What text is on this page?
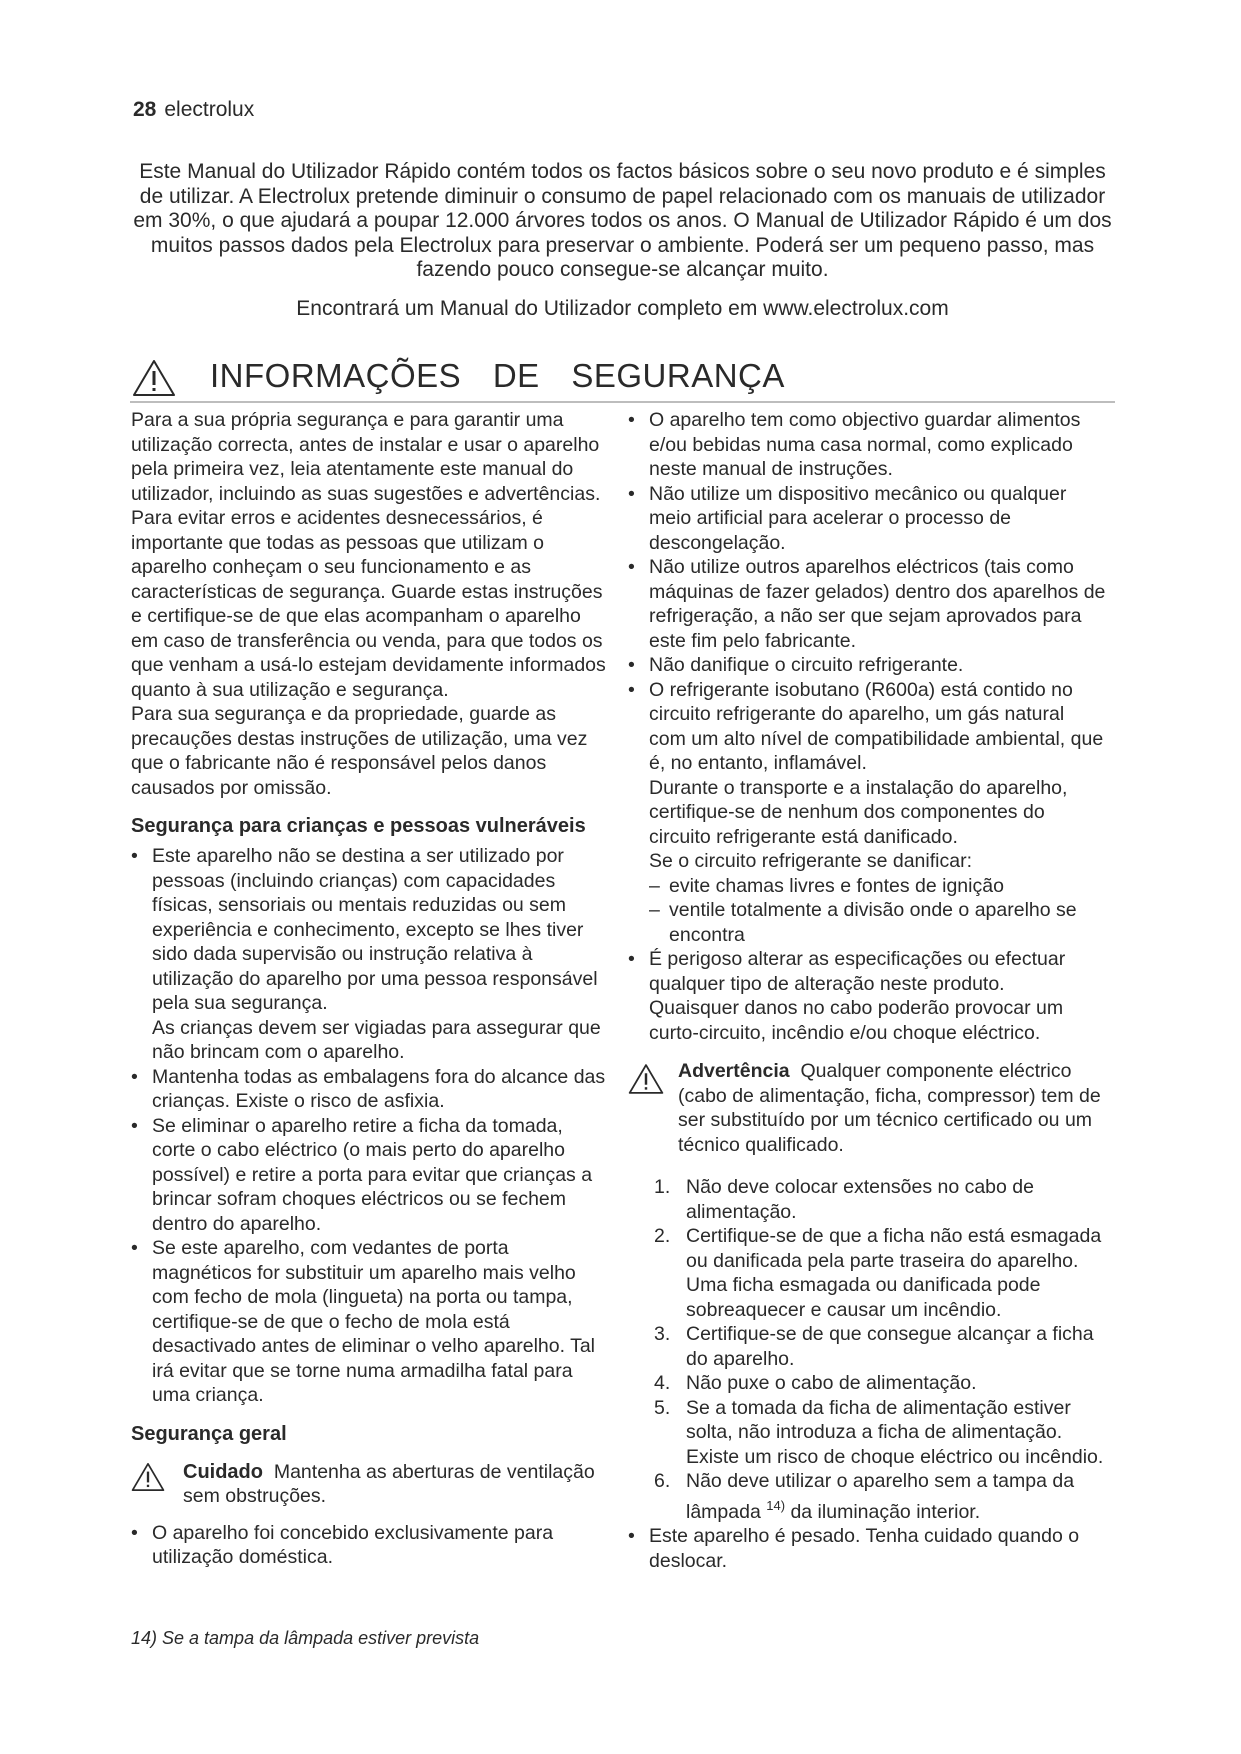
28 electrolux

Este Manual do Utilizador Rápido contém todos os factos básicos sobre o seu novo produto e é simples de utilizar. A Electrolux pretende diminuir o consumo de papel relacionado com os manuais de utilizador em 30%, o que ajudará a poupar 12.000 árvores todos os anos. O Manual de Utilizador Rápido é um dos muitos passos dados pela Electrolux para preservar o ambiente. Poderá ser um pequeno passo, mas fazendo pouco consegue-se alcançar muito.

Encontrará um Manual do Utilizador completo em www.electrolux.com

INFORMAÇÕES DE SEGURANÇA

Para a sua própria segurança e para garantir uma utilização correcta, antes de instalar e usar o aparelho pela primeira vez, leia atentamente este manual do utilizador, incluindo as suas sugestões e advertências. Para evitar erros e acidentes desnecessários, é importante que todas as pessoas que utilizam o aparelho conheçam o seu funcionamento e as características de segurança. Guarde estas instruções e certifique-se de que elas acompanham o aparelho em caso de transferência ou venda, para que todos os que venham a usá-lo estejam devidamente informados quanto à sua utilização e segurança.

Para sua segurança e da propriedade, guarde as precauções destas instruções de utilização, uma vez que o fabricante não é responsável pelos danos causados por omissão.

Segurança para crianças e pessoas vulneráveis
• Este aparelho não se destina a ser utilizado por pessoas (incluindo crianças) com capacidades físicas, sensoriais ou mentais reduzidas ou sem experiência e conhecimento, excepto se lhes tiver sido dada supervisão ou instrução relativa à utilização do aparelho por uma pessoa responsável pela sua segurança.
As crianças devem ser vigiadas para assegurar que não brincam com o aparelho.
• Mantenha todas as embalagens fora do alcance das crianças. Existe o risco de asfixia.
• Se eliminar o aparelho retire a ficha da tomada, corte o cabo eléctrico (o mais perto do aparelho possível) e retire a porta para evitar que crianças a brincar sofram choques eléctricos ou se fechem dentro do aparelho.
• Se este aparelho, com vedantes de porta magnéticos for substituir um aparelho mais velho com fecho de mola (lingueta) na porta ou tampa, certifique-se de que o fecho de mola está desactivado antes de eliminar o velho aparelho. Tal irá evitar que se torne numa armadilha fatal para uma criança.
Segurança geral
Cuidado Mantenha as aberturas de ventilação sem obstruções.
• O aparelho foi concebido exclusivamente para utilização doméstica.
• O aparelho tem como objectivo guardar alimentos e/ou bebidas numa casa normal, como explicado neste manual de instruções.
• Não utilize um dispositivo mecânico ou qualquer meio artificial para acelerar o processo de descongelação.
• Não utilize outros aparelhos eléctricos (tais como máquinas de fazer gelados) dentro dos aparelhos de refrigeração, a não ser que sejam aprovados para este fim pelo fabricante.
• Não danifique o circuito refrigerante.
• O refrigerante isobutano (R600a) está contido no circuito refrigerante do aparelho, um gás natural com um alto nível de compatibilidade ambiental, que é, no entanto, inflamável.
Durante o transporte e a instalação do aparelho, certifique-se de nenhum dos componentes do circuito refrigerante está danificado.
Se o circuito refrigerante se danificar:
– evite chamas livres e fontes de ignição
– ventile totalmente a divisão onde o aparelho se encontra
• É perigoso alterar as especificações ou efectuar qualquer tipo de alteração neste produto.
Quaisquer danos no cabo poderão provocar um curto-circuito, incêndio e/ou choque eléctrico.
Advertência Qualquer componente eléctrico (cabo de alimentação, ficha, compressor) tem de ser substituído por um técnico certificado ou um técnico qualificado.
1. Não deve colocar extensões no cabo de alimentação.
2. Certifique-se de que a ficha não está esmagada ou danificada pela parte traseira do aparelho. Uma ficha esmagada ou danificada pode sobreaquecer e causar um incêndio.
3. Certifique-se de que consegue alcançar a ficha do aparelho.
4. Não puxe o cabo de alimentação.
5. Se a tomada da ficha de alimentação estiver solta, não introduza a ficha de alimentação. Existe um risco de choque eléctrico ou incêndio.
6. Não deve utilizar o aparelho sem a tampa da lâmpada $^{14)}$ da iluminação interior.
• Este aparelho é pesado. Tenha cuidado quando o deslocar.
14) Se a tampa da lâmpada estiver prevista
